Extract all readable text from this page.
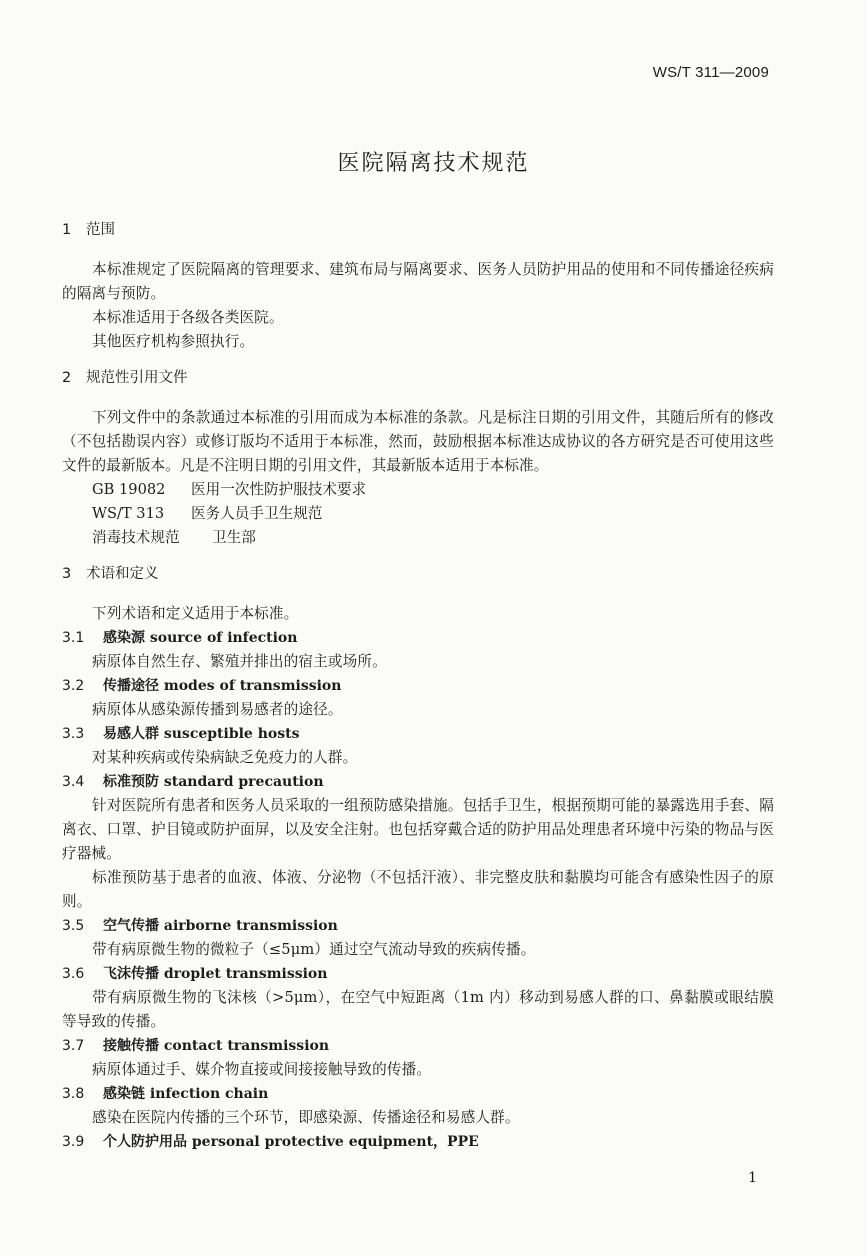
WS/T 311—2009
医院隔离技术规范
1 范围

本标准规定了医院隔离的管理要求、建筑布局与隔离要求、医务人员防护用品的使用和不同传播途径疾病的隔离与预防。

本标准适用于各级各类医院。

其他医疗机构参照执行。

2 规范性引用文件

下列文件中的条款通过本标准的引用而成为本标准的条款。凡是标注日期的引用文件，其随后所有的修改（不包括勘误内容）或修订版均不适用于本标准，然而，鼓励根据本标准达成协议的各方研究是否可使用这些文件的最新版本。凡是不注明日期的引用文件，其最新版本适用于本标准。

GB 19082 医用一次性防护服技术要求

WS/T 313 医务人员手卫生规范

消毒技术规范 卫生部

3 术语和定义

下列术语和定义适用于本标准。

3.1 感染源 source of infection

病原体自然生存、繁殖并排出的宿主或场所。

3.2 传播途径 modes of transmission

病原体从感染源传播到易感者的途径。

3.3 易感人群 susceptible hosts

对某种疾病或传染病缺乏免疫力的人群。

3.4 标准预防 standard precaution

针对医院所有患者和医务人员采取的一组预防感染措施。包括手卫生，根据预期可能的暴露选用手套、隔离衣、口罩、护目镜或防护面屏，以及安全注射。也包括穿戴合适的防护用品处理患者环境中污染的物品与医疗器械。

标准预防基于患者的血液、体液、分泌物（不包括汗液）、非完整皮肤和黏膜均可能含有感染性因子的原则。

3.5 空气传播 airborne transmission

带有病原微生物的微粒子（≤5μm）通过空气流动导致的疾病传播。

3.6 飞沫传播 droplet transmission

带有病原微生物的飞沫核（>5μm），在空气中短距离（1m 内）移动到易感人群的口、鼻黏膜或眼结膜等导致的传播。

3.7 接触传播 contact transmission

病原体通过手、媒介物直接或间接接触导致的传播。

3.8 感染链 infection chain

感染在医院内传播的三个环节，即感染源、传播途径和易感人群。

3.9 个人防护用品 personal protective equipment，PPE
1
